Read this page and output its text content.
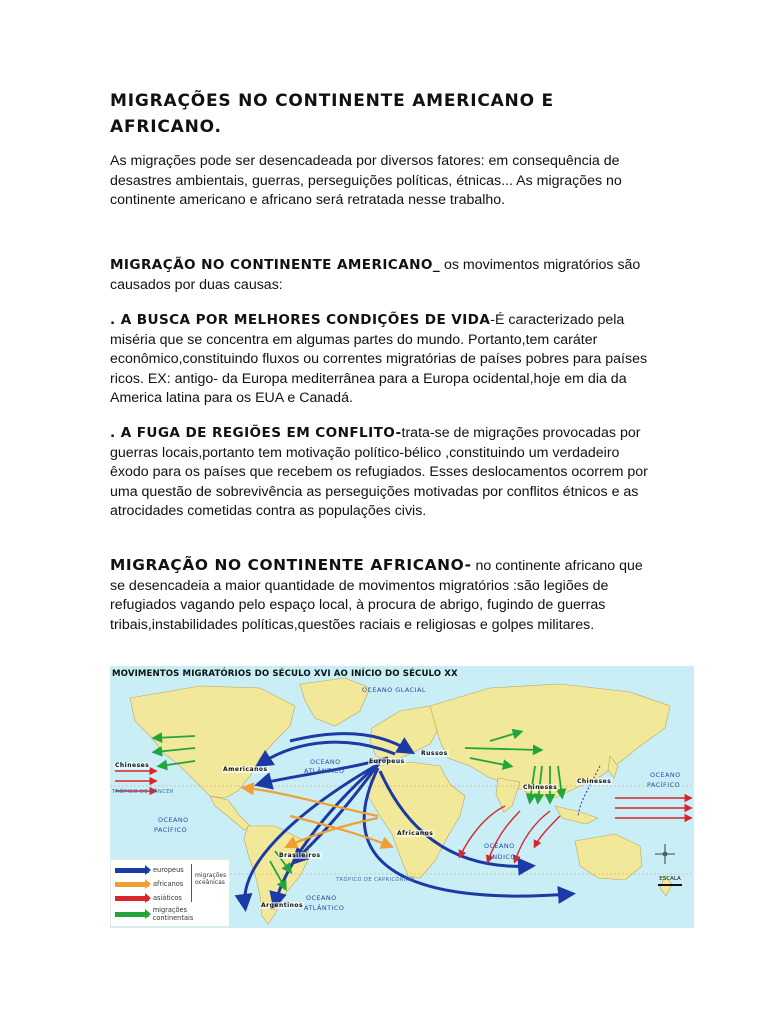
MIGRAÇÕES NO CONTINENTE AMERICANO E AFRICANO.

As migrações pode ser desencadeada por diversos fatores: em consequência de desastres ambientais, guerras, perseguições políticas, étnicas... As migrações no continente americano e africano será retratada nesse trabalho.

MIGRAÇÃO NO CONTINENTE AMERICANO_ os movimentos migratórios são causados por duas causas:

. A BUSCA POR MELHORES CONDIÇÕES DE VIDA-É caracterizado pela miséria que se concentra em algumas partes do mundo. Portanto,tem caráter econômico,constituindo fluxos ou correntes migratórias de países pobres para países ricos. EX: antigo- da Europa mediterrânea para a Europa ocidental,hoje em dia da America latina para os EUA e Canadá.

. A FUGA DE REGIÕES EM CONFLITO-trata-se de migrações provocadas por guerras locais,portanto tem motivação político-bélico ,constituindo um verdadeiro êxodo para os países que recebem os refugiados. Esses deslocamentos ocorrem por uma questão de sobrevivência as perseguições motivadas por conflitos étnicos e as atrocidades cometidas contra as populações civis.

MIGRAÇÃO NO CONTINENTE AFRICANO- no continente africano que se desencadeia a maior quantidade de movimentos migratórios :são legiões de refugiados vagando pelo espaço local, à procura de abrigo, fugindo de guerras tribais,instabilidades políticas,questões raciais e religiosas e golpes militares.

MOVIMENTOS MIGRATÓRIOS DO SÉCULO XVI AO INÍCIO DO SÉCULO XX
OCEANO GLACIAL
OCEANO
ATLÂNTICO
OCEANO
PACÍFICO
OCEANO
PACÍFICO
OCEANO
ÍNDICO
OCEANO
ATLÂNTICO
TRÓPICO DE CÂNCER
TRÓPICO DE CAPRICÓRNIO
Chineses
Chineses
Russos
Americanos
Europeus
Africanos
Brasileiros
Argentinos
Chineses
europeus
africanos
asiáticos
migrações continentais
migrações oceânicas	ESCALA
